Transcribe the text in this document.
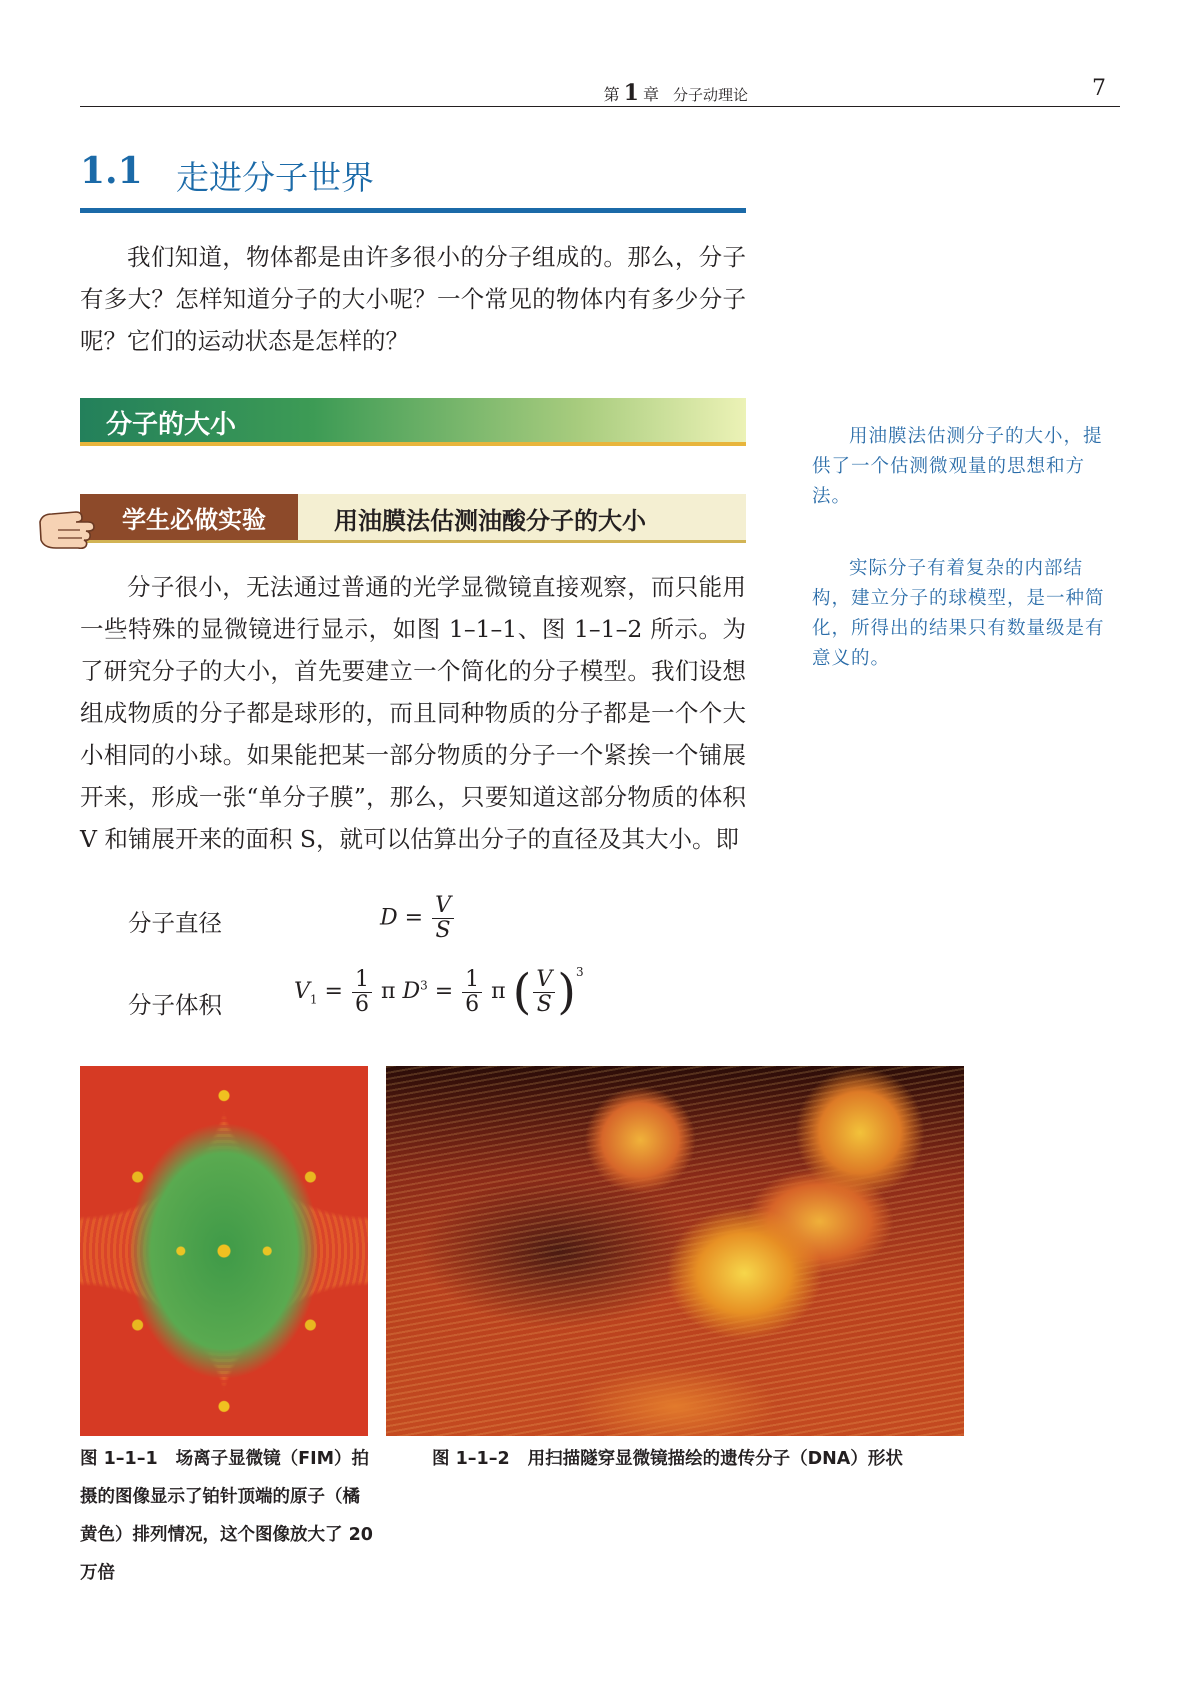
第 1 章 分子动理论	7
1.1 走进分子世界

我们知道，物体都是由许多很小的分子组成的。那么，分子有多大？怎样知道分子的大小呢？一个常见的物体内有多少分子呢？它们的运动状态是怎样的？

分子的大小
学生必做实验	用油膜法估测油酸分子的大小

分子很小，无法通过普通的光学显微镜直接观察，而只能用一些特殊的显微镜进行显示，如图 1–1–1、图 1–1–2 所示。为了研究分子的大小，首先要建立一个简化的分子模型。我们设想组成物质的分子都是球形的，而且同种物质的分子都是一个个大小相同的小球。如果能把某一部分物质的分子一个紧挨一个铺展开来，形成一张“单分子膜”，那么，只要知道这部分物质的体积 V 和铺展开来的面积 S，就可以估算出分子的直径及其大小。即

分子直径	$D = \frac{V}{S}$
分子体积	$V_1 = \frac{1}{6}$ π $D^3 = \frac{1}{6}$ π ( $\frac{V}{S} )^3$

用油膜法估测分子的大小，提供了一个估测微观量的思想和方法。

实际分子有着复杂的内部结构，建立分子的球模型，是一种简化，所得出的结果只有数量级是有意义的。

图 1–1–1 场离子显微镜（FIM）拍摄的图像显示了铂针顶端的原子（橘黄色）排列情况，这个图像放大了 20 万倍

图 1–1–2 用扫描隧穿显微镜描绘的遗传分子（DNA）形状
